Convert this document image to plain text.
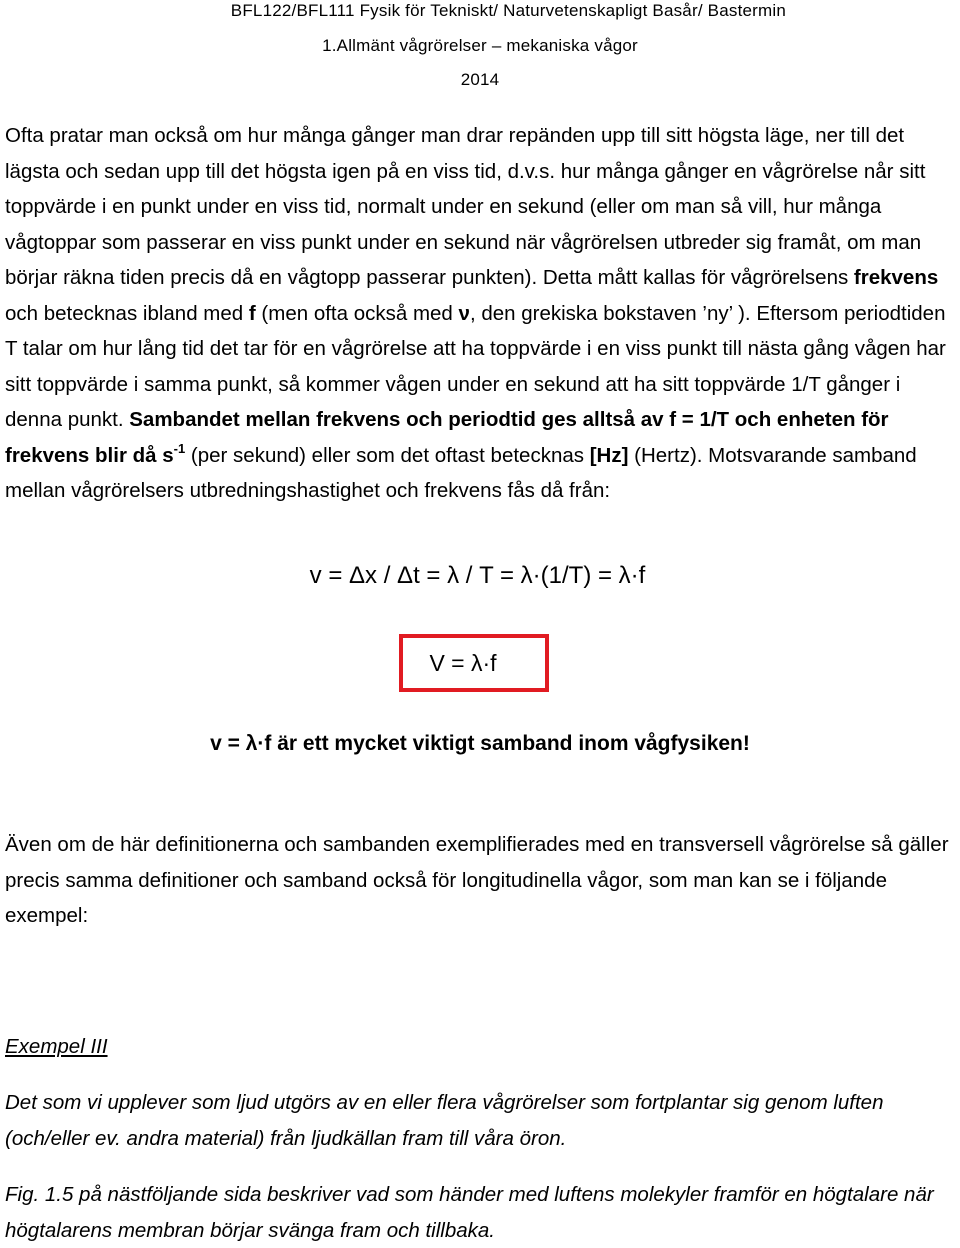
BFL122/BFL111 Fysik för Tekniskt/ Naturvetenskapligt Basår/ Bastermin
1.Allmänt vågrörelser – mekaniska vågor
2014
Ofta pratar man också om hur många gånger man drar repänden upp till sitt högsta läge, ner till det lägsta och sedan upp till det högsta igen på en viss tid, d.v.s. hur många gånger en vågrörelse når sitt toppvärde i en punkt under en viss tid, normalt under en sekund (eller om man så vill, hur många vågtoppar som passerar en viss punkt under en sekund när vågrörelsen utbreder sig framåt, om man börjar räkna tiden precis då en vågtopp passerar punkten). Detta mått kallas för vågrörelsens frekvens och betecknas ibland med f (men ofta också med ν, den grekiska bokstaven ’ny’ ). Eftersom periodtiden T talar om hur lång tid det tar för en vågrörelse att ha toppvärde i en viss punkt till nästa gång vågen har sitt toppvärde i samma punkt, så kommer vågen under en sekund att ha sitt toppvärde 1/T gånger i denna punkt. Sambandet mellan frekvens och periodtid ges alltså av f = 1/T och enheten för frekvens blir då $s^{-1}$ (per sekund) eller som det oftast betecknas [Hz] (Hertz). Motsvarande samband mellan vågrörelsers utbredningshastighet och frekvens fås då från:
v = Δx / Δt = λ / T = λ·(1/T) = λ·f
V = λ·f
v = λ·f är ett mycket viktigt samband inom vågfysiken!
Även om de här definitionerna och sambanden exemplifierades med en transversell vågrörelse så gäller precis samma definitioner och samband också för longitudinella vågor, som man kan se i följande exempel:
Exempel III
Det som vi upplever som ljud utgörs av en eller flera vågrörelser som fortplantar sig genom luften (och/eller ev. andra material) från ljudkällan fram till våra öron.
Fig. 1.5 på nästföljande sida beskriver vad som händer med luftens molekyler framför en högtalare när högtalarens membran börjar svänga fram och tillbaka.
